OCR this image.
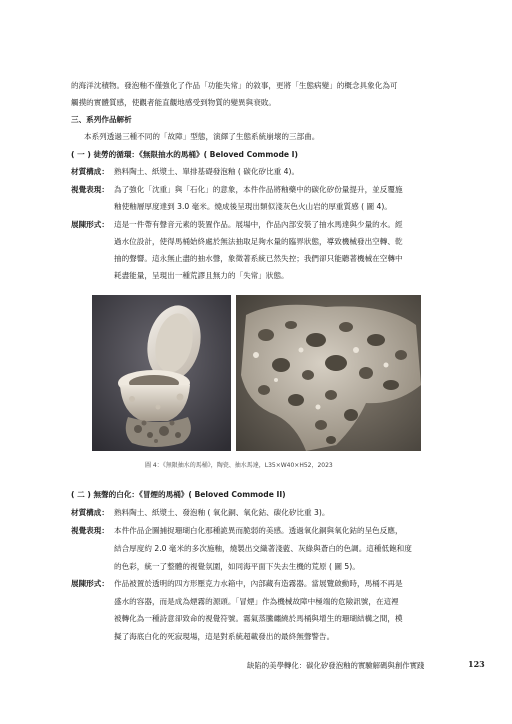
的海洋沈積物。發泡釉不僅強化了作品「功能失常」的敘事，更將「生態病變」的概念具象化為可
觸摸的實體質感，使觀者能直觀地感受到物質的變異與衰敗。
三、系列作品解析
本系列透過三種不同的「故障」型態，演繹了生態系統崩壞的三部曲。
( 一 ) 徒勞的循環：《無限抽水的馬桶》( Beloved Commode I)
材質構成： 熟料陶土、紙漿土、單排基礎發泡釉 ( 碳化矽比重 4)。
視覺表現： 為了強化「沈重」與「石化」的意象，本件作品將釉藥中的碳化矽份量提升，並反覆施
釉使釉層厚度達到 3.0 毫米。燒成後呈現出類似淺灰色火山岩的厚重質感 ( 圖 4)。
展陳形式： 這是一件帶有聲音元素的裝置作品。展場中，作品內部安裝了抽水馬達與少量的水。經
過水位設計，使得馬桶始終處於無法抽取足夠水量的臨界狀態，導致機械發出空轉、乾
抽的聲響。這永無止盡的抽水聲，象徵著系統已然失控；我們卻只能聽著機械在空轉中
耗盡能量，呈現出一種荒謬且無力的「失常」狀態。
圖 4：《無限抽水的馬桶》，陶瓷、抽水馬達，L35×W40×H52，2023
( 二 ) 無聲的白化：《冒煙的馬桶》( Beloved Commode II)
材質構成： 熟料陶土、紙漿土、發泡釉 ( 氧化銅、氧化鈷、碳化矽比重 3)。
視覺表現： 本件作品企圖捕捉珊瑚白化那種詭異而脆弱的美感。透過氧化銅與氧化鈷的呈色反應，
結合厚度約 2.0 毫米的多次施釉，燒製出交織著淺藍、灰綠與蒼白的色調。這種低飽和度
的色彩，統一了整體的視覺氛圍，如同海平面下失去生機的荒原 ( 圖 5)。
展陳形式： 作品被置於透明的四方形壓克力水箱中，內部藏有造霧器。當展覽啟動時，馬桶不再是
盛水的容器，而是成為煙霧的源頭。「冒煙」作為機械故障中極端的危險訊號，在這裡
被轉化為一種詩意卻致命的視覺符號。霧氣蒸騰纏繞於馬桶與增生的珊瑚結構之間，模
擬了海底白化的死寂現場，這是對系統超載發出的最終無聲警告。
缺陷的美學轉化：碳化矽發泡釉的實驗解碼與創作實踐	123
